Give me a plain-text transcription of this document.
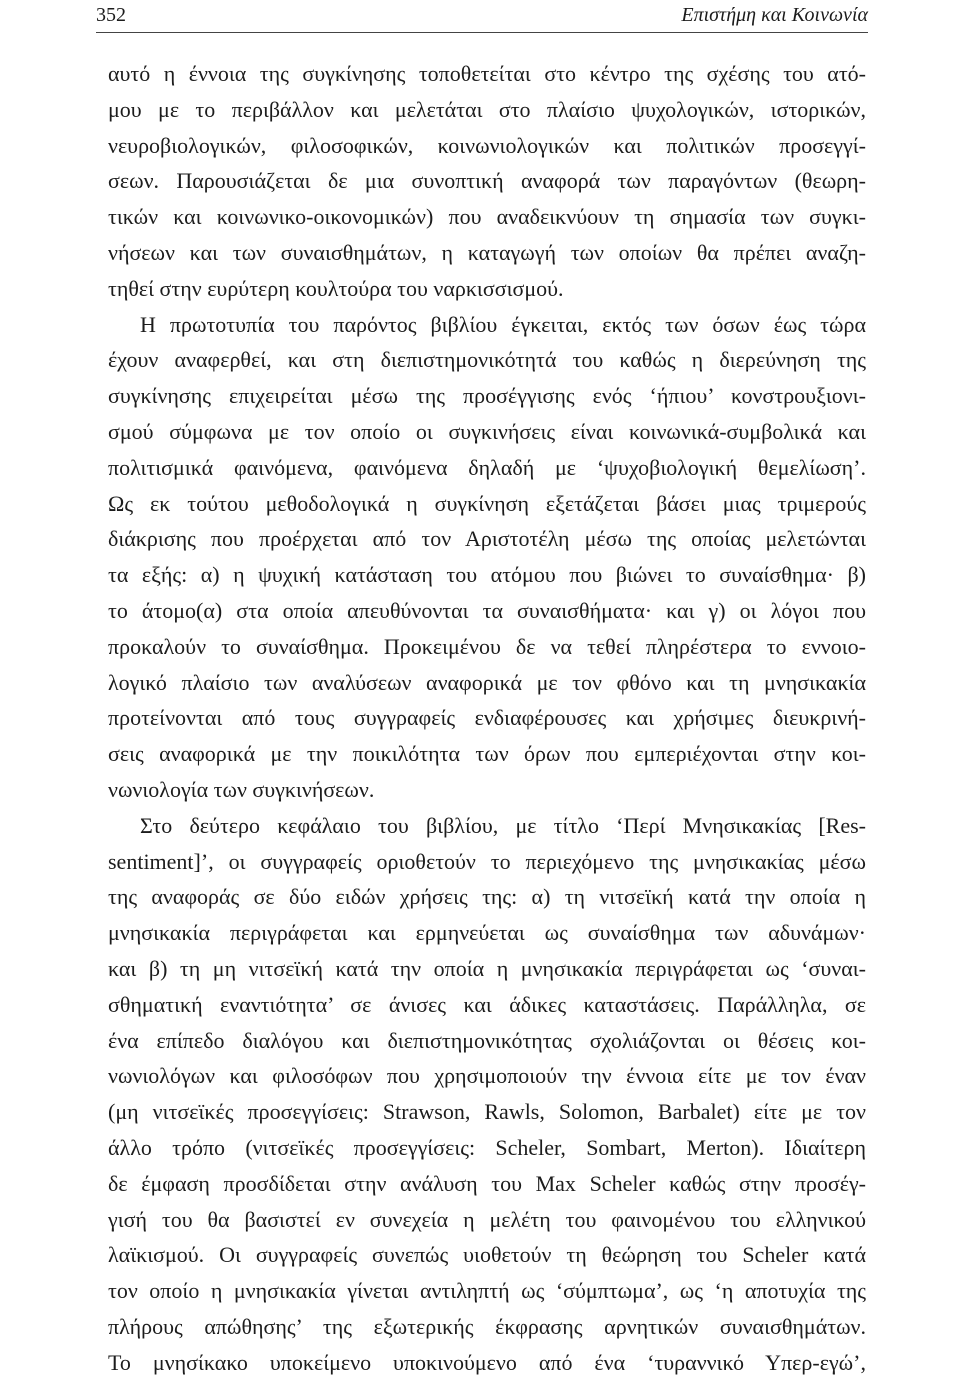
352	Επιστήμη και Κοινωνία
αυτό η έννοια της συγκίνησης τοποθετείται στο κέντρο της σχέσης του ατό-
μου με το περιβάλλον και μελετάται στο πλαίσιο ψυχολογικών, ιστορικών,
νευροβιολογικών, φιλοσοφικών, κοινωνιολογικών και πολιτικών προσεγγί-
σεων. Παρουσιάζεται δε μια συνοπτική αναφορά των παραγόντων (θεωρη-
τικών και κοινωνικο-οικονομικών) που αναδεικνύουν τη σημασία των συγκι-
νήσεων και των συναισθημάτων, η καταγωγή των οποίων θα πρέπει αναζη-
τηθεί στην ευρύτερη κουλτούρα του ναρκισσισμού.
Η πρωτοτυπία του παρόντος βιβλίου έγκειται, εκτός των όσων έως τώρα
έχουν αναφερθεί, και στη διεπιστημονικότητά του καθώς η διερεύνηση της
συγκίνησης επιχειρείται μέσω της προσέγγισης ενός ‘ήπιου’ κονστρουξιονι-
σμού σύμφωνα με τον οποίο οι συγκινήσεις είναι κοινωνικά-συμβολικά και
πολιτισμικά φαινόμενα, φαινόμενα δηλαδή με ‘ψυχοβιολογική θεμελίωση’.
Ως εκ τούτου μεθοδολογικά η συγκίνηση εξετάζεται βάσει μιας τριμερούς
διάκρισης που προέρχεται από τον Αριστοτέλη μέσω της οποίας μελετώνται
τα εξής: α) η ψυχική κατάσταση του ατόμου που βιώνει το συναίσθημα· β)
το άτομο(α) στα οποία απευθύνονται τα συναισθήματα· και γ) οι λόγοι που
προκαλούν το συναίσθημα. Προκειμένου δε να τεθεί πληρέστερα το εννοιο-
λογικό πλαίσιο των αναλύσεων αναφορικά με τον φθόνο και τη μνησικακία
προτείνονται από τους συγγραφείς ενδιαφέρουσες και χρήσιμες διευκρινή-
σεις αναφορικά με την ποικιλότητα των όρων που εμπεριέχονται στην κοι-
νωνιολογία των συγκινήσεων.
Στο δεύτερο κεφάλαιο του βιβλίου, με τίτλο ‘Περί Μνησικακίας [Res-
sentiment]’, οι συγγραφείς οριοθετούν το περιεχόμενο της μνησικακίας μέσω
της αναφοράς σε δύο ειδών χρήσεις της: α) τη νιτσεϊκή κατά την οποία η
μνησικακία περιγράφεται και ερμηνεύεται ως συναίσθημα των αδυνάμων·
και β) τη μη νιτσεϊκή κατά την οποία η μνησικακία περιγράφεται ως ‘συναι-
σθηματική εναντιότητα’ σε άνισες και άδικες καταστάσεις. Παράλληλα, σε
ένα επίπεδο διαλόγου και διεπιστημονικότητας σχολιάζονται οι θέσεις κοι-
νωνιολόγων και φιλοσόφων που χρησιμοποιούν την έννοια είτε με τον έναν
(μη νιτσεϊκές προσεγγίσεις: Strawson, Rawls, Solomon, Barbalet) είτε με τον
άλλο τρόπο (νιτσεϊκές προσεγγίσεις: Scheler, Sombart, Merton). Ιδιαίτερη
δε έμφαση προσδίδεται στην ανάλυση του Max Scheler καθώς στην προσέγ-
γισή του θα βασιστεί εν συνεχεία η μελέτη του φαινομένου του ελληνικού
λαϊκισμού. Οι συγγραφείς συνεπώς υιοθετούν τη θεώρηση του Scheler κατά
τον οποίο η μνησικακία γίνεται αντιληπτή ως ‘σύμπτωμα’, ως ‘η αποτυχία της
πλήρους απώθησης’ της εξωτερικής έκφρασης αρνητικών συναισθημάτων.
Το μνησίκακο υποκείμενο υποκινούμενο από ένα ‘τυραννικό Υπερ-εγώ’,
